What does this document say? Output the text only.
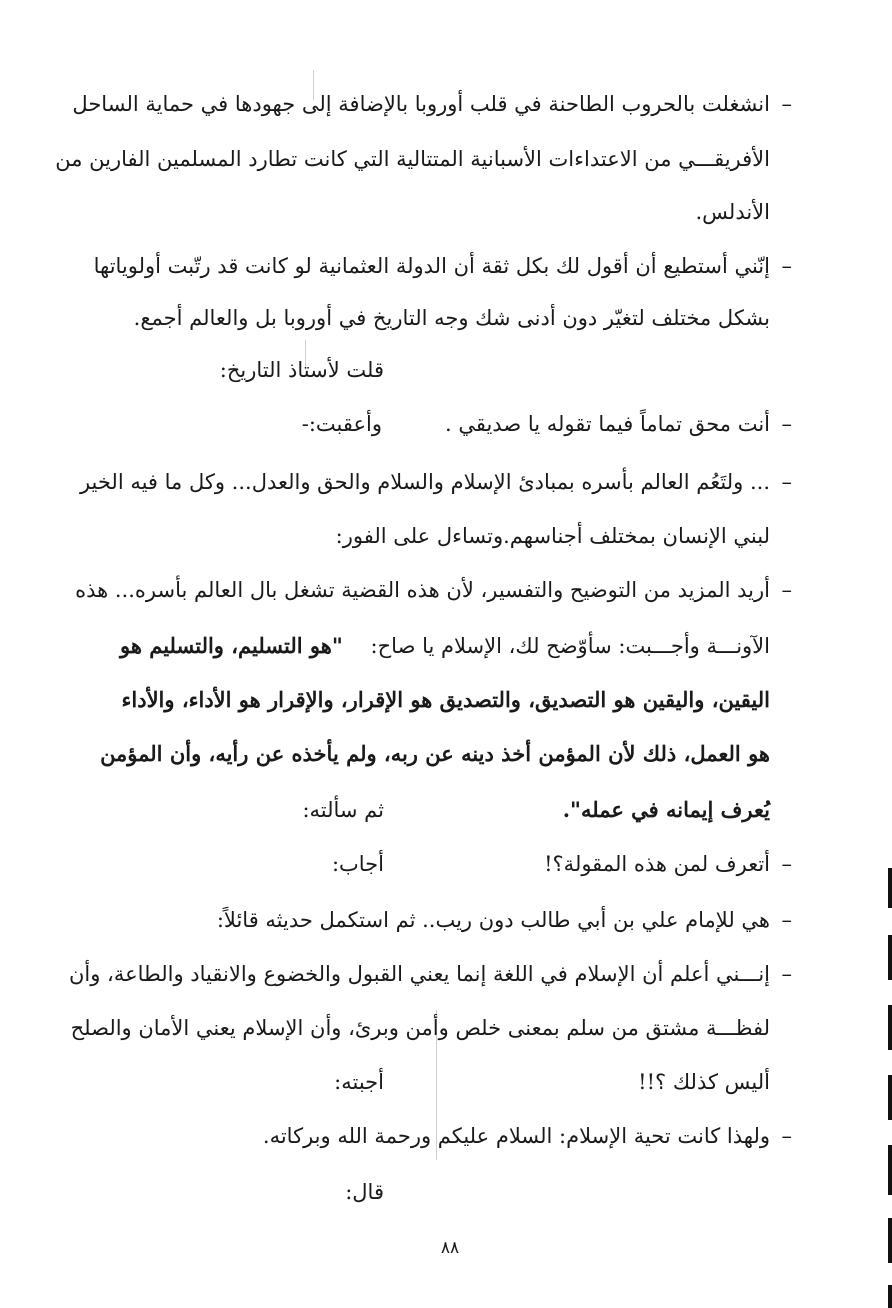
–
انشغلت بالحروب الطاحنة في قلب أوروبا بالإضافة إلى جهودها في حماية الساحل
الأفريقـــي من الاعتداءات الأسبانية المتتالية التي كانت تطارد المسلمين الفارين من
الأندلس.
–
إنّني أستطيع أن أقول لك بكل ثقة أن الدولة العثمانية لو كانت قد رتّبت أولوياتها
بشكل مختلف لتغيّر دون أدنى شك وجه التاريخ في أوروبا بل والعالم أجمع.
قلت لأستاذ التاريخ:
–
أنت محق تماماً فيما تقوله يا صديقي .
وأعقبت:-
–
... ولتَعُم العالم بأسره بمبادئ الإسلام والسلام والحق والعدل... وكل ما فيه الخير
لبني الإنسان بمختلف أجناسهم.وتساءل على الفور:
–
أريد المزيد من التوضيح والتفسير، لأن هذه القضية تشغل بال العالم بأسره... هذه
الآونـــة وأجـــبت: سأوّضح لك، الإسلام يا صاح:
"هو التسليم، والتسليم هو
اليقين، واليقين هو التصديق، والتصديق هو الإقرار، والإقرار هو الأداء، والأداء
هو العمل، ذلك لأن المؤمن أخذ دينه عن ربه، ولم يأخذه عن رأيه، وأن المؤمن
يُعرف إيمانه في عمله".
ثم سألته:
–
أتعرف لمن هذه المقولة؟!
أجاب:
–
هي للإمام علي بن أبي طالب دون ريب.. ثم استكمل حديثه قائلاً:
–
إنـــني أعلم أن الإسلام في اللغة إنما يعني القبول والخضوع والانقياد والطاعة، وأن
لفظـــة مشتق من سلم بمعنى خلص وأمن وبرئ، وأن الإسلام يعني الأمان والصلح
أليس كذلك ؟!!
أجبته:
–
ولهذا كانت تحية الإسلام: السلام عليكم ورحمة الله وبركاته.
قال:
٨٨
